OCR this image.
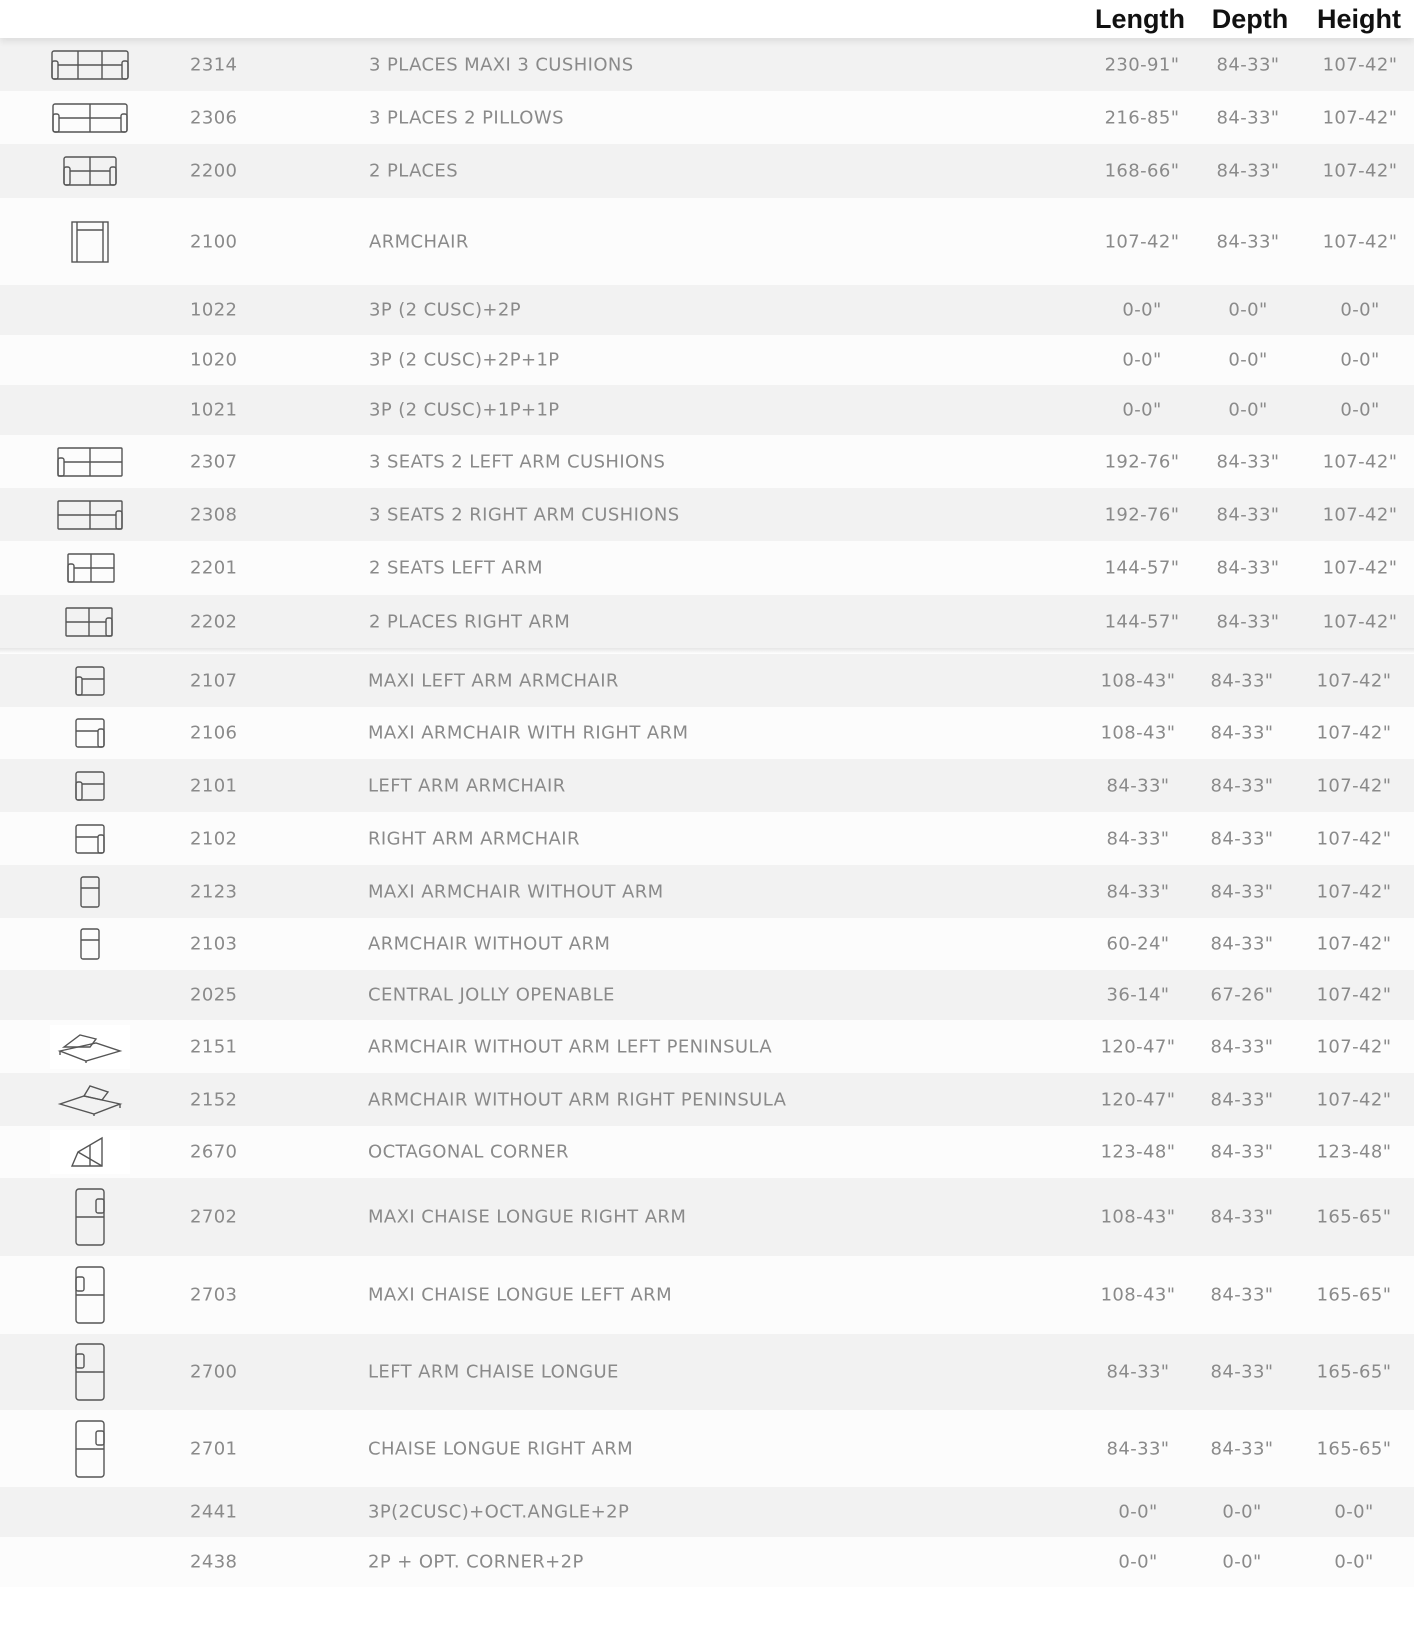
Length Depth Height
2314	3 PLACES MAXI 3 CUSHIONS	230-91"	84-33"	107-42"
2306	3 PLACES 2 PILLOWS	216-85"	84-33"	107-42"
2200	2 PLACES	168-66"	84-33"	107-42"
2100	ARMCHAIR	107-42"	84-33"	107-42"
1022	3P (2 CUSC)+2P	0-0"	0-0"	0-0"
1020	3P (2 CUSC)+2P+1P	0-0"	0-0"	0-0"
1021	3P (2 CUSC)+1P+1P	0-0"	0-0"	0-0"
2307	3 SEATS 2 LEFT ARM CUSHIONS	192-76"	84-33"	107-42"
2308	3 SEATS 2 RIGHT ARM CUSHIONS	192-76"	84-33"	107-42"
2201	2 SEATS LEFT ARM	144-57"	84-33"	107-42"
2202	2 PLACES RIGHT ARM	144-57"	84-33"	107-42"
2107	MAXI LEFT ARM ARMCHAIR	108-43"	84-33"	107-42"
2106	MAXI ARMCHAIR WITH RIGHT ARM	108-43"	84-33"	107-42"
2101	LEFT ARM ARMCHAIR	84-33"	84-33"	107-42"
2102	RIGHT ARM ARMCHAIR	84-33"	84-33"	107-42"
2123	MAXI ARMCHAIR WITHOUT ARM	84-33"	84-33"	107-42"
2103	ARMCHAIR WITHOUT ARM	60-24"	84-33"	107-42"
2025	CENTRAL JOLLY OPENABLE	36-14"	67-26"	107-42"
2151	ARMCHAIR WITHOUT ARM LEFT PENINSULA	120-47"	84-33"	107-42"
2152	ARMCHAIR WITHOUT ARM RIGHT PENINSULA	120-47"	84-33"	107-42"
2670	OCTAGONAL CORNER	123-48"	84-33"	123-48"
2702	MAXI CHAISE LONGUE RIGHT ARM	108-43"	84-33"	165-65"
2703	MAXI CHAISE LONGUE LEFT ARM	108-43"	84-33"	165-65"
2700	LEFT ARM CHAISE LONGUE	84-33"	84-33"	165-65"
2701	CHAISE LONGUE RIGHT ARM	84-33"	84-33"	165-65"
2441	3P(2CUSC)+OCT.ANGLE+2P	0-0"	0-0"	0-0"
2438	2P + OPT. CORNER+2P	0-0"	0-0"	0-0"
